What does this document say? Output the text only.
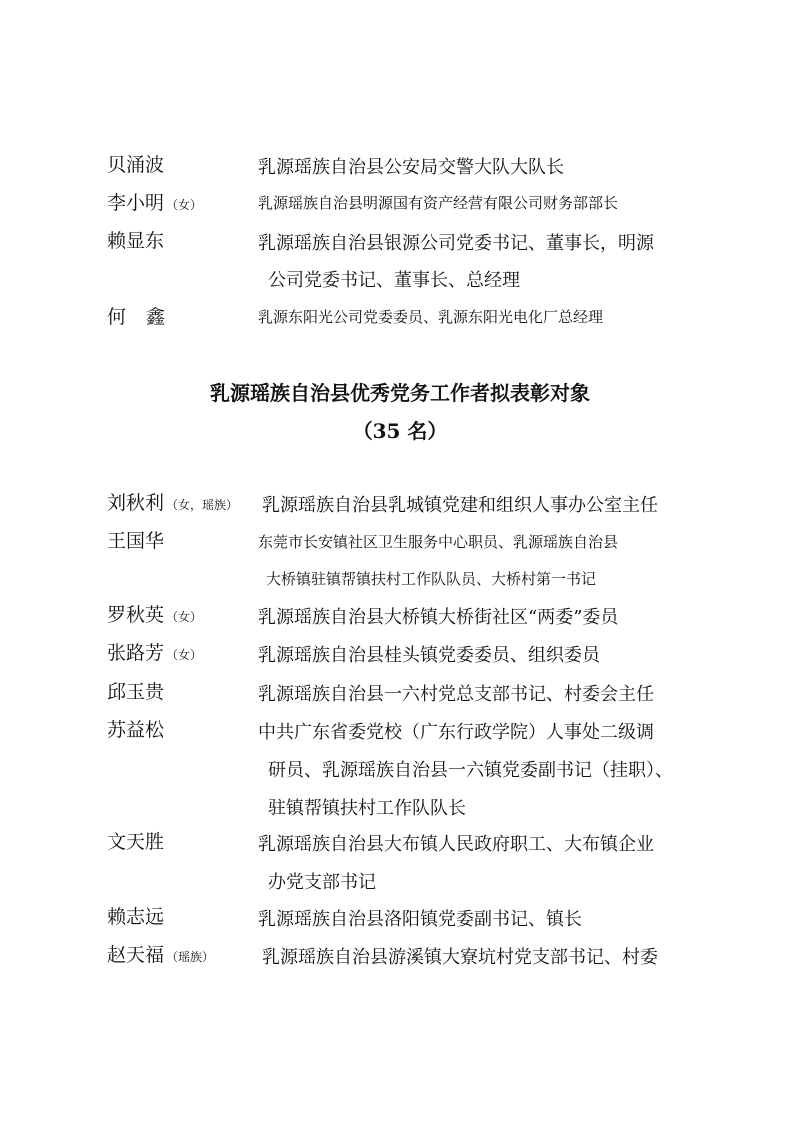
贝涌波	乳源瑶族自治县公安局交警大队大队长
李小明 （女）	乳源瑶族自治县明源国有资产经营有限公司财务部部长
赖显东	乳源瑶族自治县银源公司党委书记、董事长，明源
公司党委书记、董事长、总经理
何鑫	乳源东阳光公司党委委员、乳源东阳光电化厂总经理
乳源瑶族自治县优秀党务工作者拟表彰对象
（35 名）
刘秋利 （女，瑶族） 乳源瑶族自治县乳城镇党建和组织人事办公室主任
王国华	东莞市长安镇社区卫生服务中心职员、乳源瑶族自治县
大桥镇驻镇帮镇扶村工作队队员、大桥村第一书记
罗秋英 （女）	乳源瑶族自治县大桥镇大桥街社区“两委”委员
张路芳 （女）	乳源瑶族自治县桂头镇党委委员、组织委员
邱玉贵	乳源瑶族自治县一六村党总支部书记、村委会主任
苏益松	中共广东省委党校（广东行政学院）人事处二级调
研员、乳源瑶族自治县一六镇党委副书记（挂职）、
驻镇帮镇扶村工作队队长
文天胜	乳源瑶族自治县大布镇人民政府职工、大布镇企业
办党支部书记
赖志远	乳源瑶族自治县洛阳镇党委副书记、镇长
赵天福 （瑶族）	乳源瑶族自治县游溪镇大寮坑村党支部书记、村委
